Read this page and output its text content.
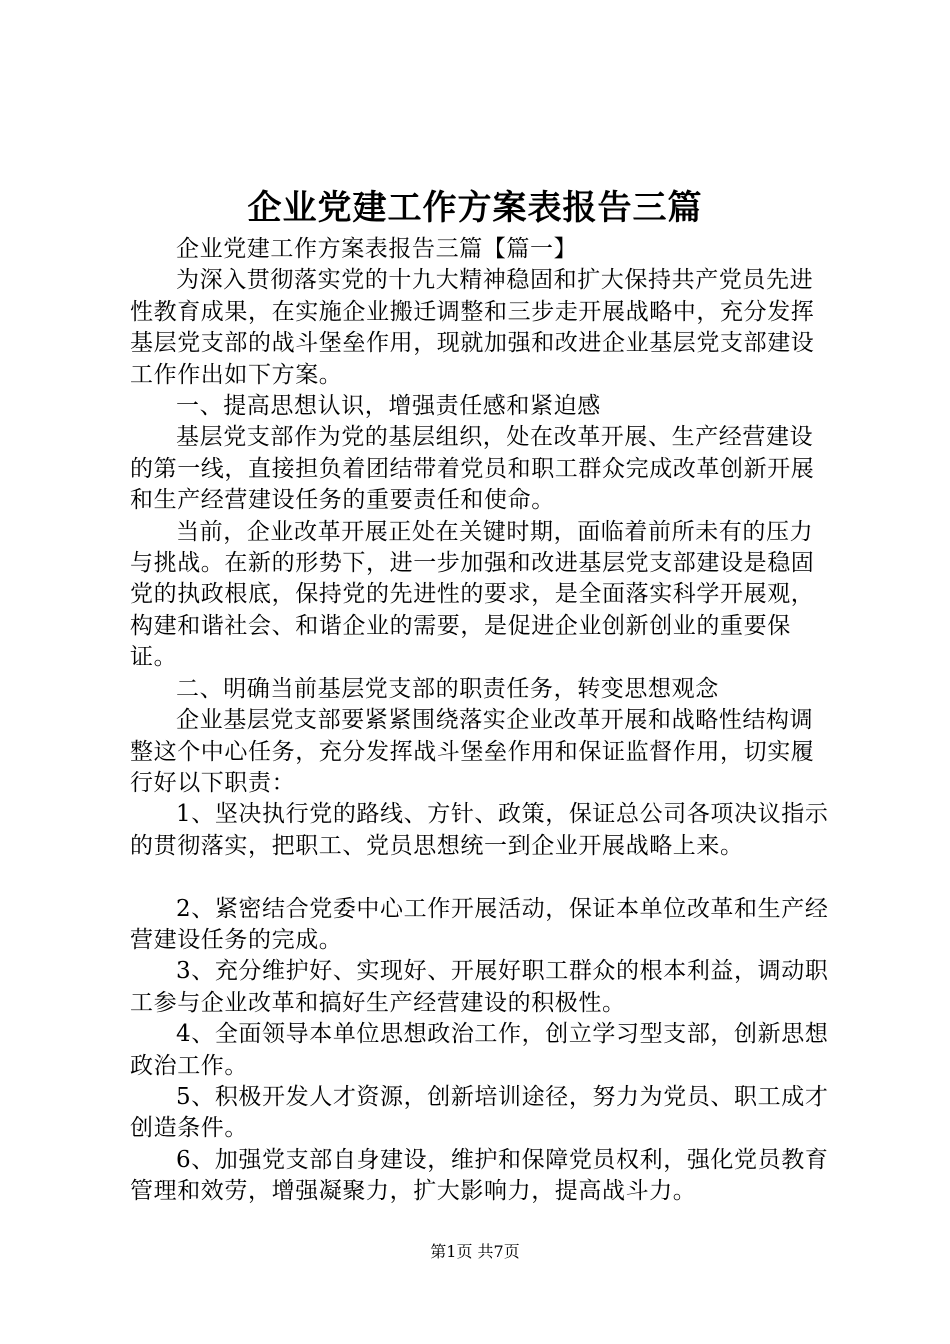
企业党建工作方案表报告三篇

企业党建工作方案表报告三篇【篇一】

为深入贯彻落实党的十九大精神稳固和扩大保持共产党员先进性教育成果，在实施企业搬迁调整和三步走开展战略中，充分发挥基层党支部的战斗堡垒作用，现就加强和改进企业基层党支部建设工作作出如下方案。

一、提高思想认识，增强责任感和紧迫感

基层党支部作为党的基层组织，处在改革开展、生产经营建设的第一线，直接担负着团结带着党员和职工群众完成改革创新开展和生产经营建设任务的重要责任和使命。

当前，企业改革开展正处在关键时期，面临着前所未有的压力与挑战。在新的形势下，进一步加强和改进基层党支部建设是稳固党的执政根底，保持党的先进性的要求，是全面落实科学开展观，构建和谐社会、和谐企业的需要，是促进企业创新创业的重要保证。

二、明确当前基层党支部的职责任务，转变思想观念

企业基层党支部要紧紧围绕落实企业改革开展和战略性结构调整这个中心任务，充分发挥战斗堡垒作用和保证监督作用，切实履行好以下职责：

1、坚决执行党的路线、方针、政策，保证总公司各项决议指示的贯彻落实，把职工、党员思想统一到企业开展战略上来。

2、紧密结合党委中心工作开展活动，保证本单位改革和生产经营建设任务的完成。

3、充分维护好、实现好、开展好职工群众的根本利益，调动职工参与企业改革和搞好生产经营建设的积极性。

4、全面领导本单位思想政治工作，创立学习型支部，创新思想政治工作。

5、积极开发人才资源，创新培训途径，努力为党员、职工成才创造条件。

6、加强党支部自身建设，维护和保障党员权利，强化党员教育管理和效劳，增强凝聚力，扩大影响力，提高战斗力。

第1页 共7页
